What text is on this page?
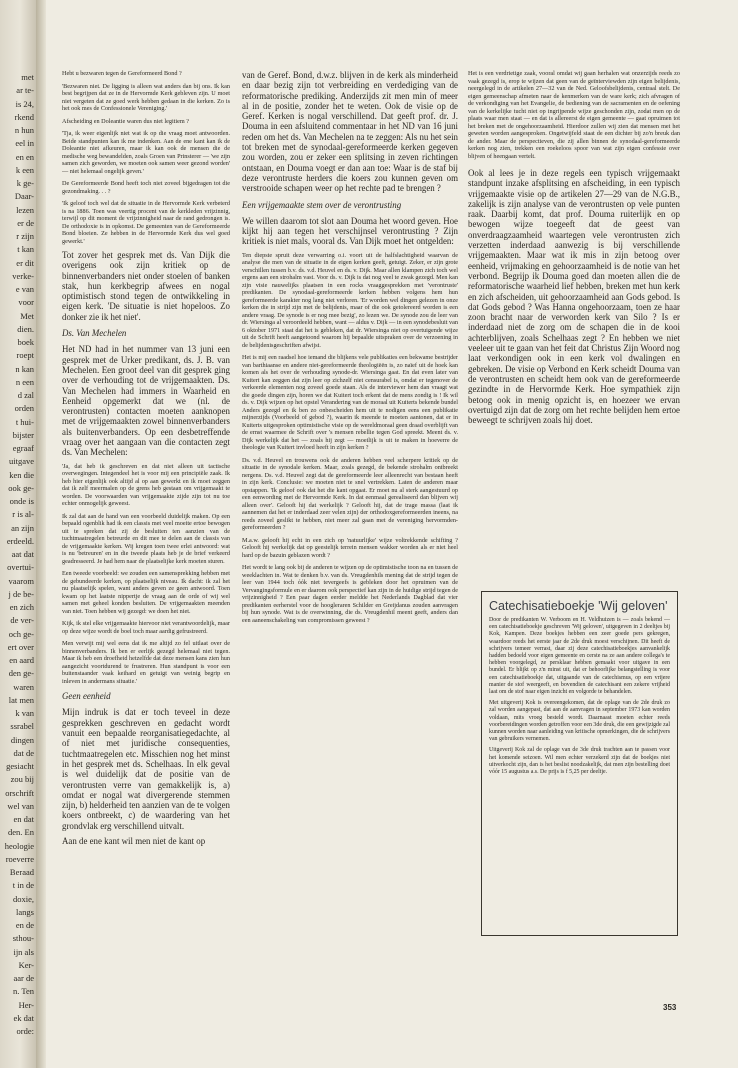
met
ar te-
is 24,
rkend
n hun
eel in
en en
k een
k ge-
Daar-
lezen
er de
r zijn
t kan
er dit
verke-
e van
voor
Met
dien.
boek
roept
n kan
n een
d zal
orden
t hui-
bijster
egraaf
uitgave
ken die
ook ge-
onde is
r is al-
an zijn
erdeeld.
aat dat
overtui-
vaarom
j de be-
en zich
de ver-
och ge-
ert over
en aard
den ge-
waren
lat men
k van
ssrabel
dingen
dat de
gesiacht
zou bij
orschrift
wel van
en dat
den. En
heologie
roeverre
Beraad
t in de
doxie,
langs
en de
sthou-
ijn als
Ker-
aar de
n. Ten
Her-
ek dat
orde:

Hebt u bezwaren tegen de Gereformeerd Bond ?

'Bezwaren niet. De ligging is alleen wat anders dan bij ons. Ik kan best begrijpen dat ze in de Hervormde Kerk gebleven zijn. U moet niet vergeten dat ze goed werk hebben gedaan in die kerken. Zo is het ook mes de Confessionele Vereniging.'

Afscheiding en Doleantie waren dus niet legitiem ?

'Tja, ik weer eigenlijk niet wat ik op die vraag moet antwoorden. Beide standpunten kan ik me indenken. Aan de ene kant kan ik de Doleantie niet afkeuren, maar ik kan ook de mensen die de medische weg bewandelden, zoals Groen van Prinsterer — 'we zijn samen zich geworden, we moeten ook samen weer gezond worden' — niet helemaal ongelijk geven.'

De Gereformeerde Bond heeft toch niet zoveel bijgedragen tot die gezondmaking. . . ?

'Ik geloof toch wel dat de situatie in de Hervormde Kerk verbeterd is na 1886. Toen was veertig procent van de kerkleden vrijzinnig, terwijl op dit moment de vrijzinnigheid naar de rand gedrongen is. De orthodoxie is in opkomst. De gemeenten van de Gereformeerde Bond bloeien. Ze hebben in de Hervormde Kerk dus wel goed gewerkt.'

Tot zover het gesprek met ds. Van Dijk die overigens ook zijn kritiek op de binnenverbanders niet onder stoelen of banken stak, hun kerkbegrip afwees en nogal optimistisch stond tegen de ontwikkeling in eigen kerk. 'De situatie is niet hopeloos. Zo donker zie ik het niet'.

Ds. Van Mechelen

Het ND had in het nummer van 13 juni een gesprek met de Urker predikant, ds. J. B. van Mechelen. Een groot deel van dit gesprek ging over de verhouding tot de vrijgemaakten. Ds. Van Mechelen had immers in Waarheid en Eenheid opgemerkt dat we (nl. de verontrusten) contacten moeten aanknopen met de vrijgemaakten zowel binnenverbanders als buitenverbanders. Op een desbetreffende vraag over het aangaan van die contacten zegt ds. Van Mechelen:

'Ja, dat heb ik geschreven en dat niet alleen uit tactische overwegingen. Integendeel het is voor mij een principiële zaak. Ik heb hier eigenlijk ook altijd al op aan gewerkt en ik moet zeggen dat ik zelf meermalen op de grens heb gestaan om vrijgemaakt te worden. De voorwaarden van vrijgemaakte zijde zijn tot nu toe echter onmogelijk geweest.

Ik zal dat aan de hand van een voorbeeld duidelijk maken. Op een bepaald ogenblik had ik een classis met veel moeite ertoe bewogen uit te spreken dat zij de besluiten ten aanzien van de tuchtmaatregelen betreurde en dit mee te delen aan de classis van de vrijgemaakte kerken. Wij kregen toen twee erlei antwoord: wat is nu 'betreuren' en in die tweede plaats heb je de brief verkeerd geadresseerd. Je had hem naar de plaatselijke kerk moeten sturen.

Een tweede voorbeeld: we zouden een samensprekking hebben met de gebundeerde kerken, op plaatselijk niveau. Ik dacht: ik zal het nu plaatselijk spelen, want anders geven ze geen antwoord. Toen kwam op het laatste nippertje de vraag aan de orde of wij wel samen met geheel konden besluiten. De vrijgemaakten meenden van niet. Toen hebben wij gezegd: we doen het niet.

Kijk, ik stel elke vrijgemaakte hiervoor niet verantwoordelijk, maar op deze wijze wordt de boel toch maar aardig gefrustreerd.

Men verwijt mij wel eens dat ik me altijd zo fel uitlaat over de binnenverbanders. Ik ben er eerlijk gezegd helemaal niet tegen. Maar ik heb een droefheid hetzelfde dat deze mensen kans zien hun aangezicht voortdurend te frustreren. Hun standpunt is voor een buitenstaander vaak keihard en getuigt van weinig begrip en inleven in andermans situatie.'

Geen eenheid

Mijn indruk is dat er toch teveel in deze gesprekken geschreven en gedacht wordt vanuit een bepaalde reorganisatiegedachte, al of niet met juridische consequenties, tuchtmaatregelen etc. Misschien nog het minst in het gesprek met ds. Schelhaas. In elk geval is wel duidelijk dat de positie van de verontrusten verre van gemakkelijk is, a) omdat er nogal wat divergerende stemmen zijn, b) helderheid ten aanzien van de te volgen koers ontbreekt, c) de waardering van het grondvlak erg verschillend uitvalt.

Aan de ene kant wil men niet de kant op

van de Geref. Bond, d.w.z. blijven in de kerk als minderheid en daar bezig zijn tot verbreiding en verdediging van de reformatorische prediking. Anderzijds zit men min of meer al in de positie, zonder het te weten. Ook de visie op de Geref. Kerken is nogal verschillend. Dat geeft prof. dr. J. Douma in een afsluitend commentaar in het ND van 16 juni reden om het ds. Van Mechelen na te zeggen: Als nu het sein tot breken met de synodaal-gereformeerde kerken gegeven zou worden, zou er zeker een splitsing in zeven richtingen ontstaan, en Douma voegt er dan aan toe: Waar is de staf bij deze verontruste herders die koers zou kunnen geven om verstrooide schapen weer op het rechte pad te brengen ?

Een vrijgemaakte stem over de verontrusting

We willen daarom tot slot aan Douma het woord geven. Hoe kijkt hij aan tegen het verschijnsel verontrusting ? Zijn kritiek is niet mals, vooral ds. Van Dijk moet het ontgelden:

Ten diepste spruit deze verwarring o.i. voort uit de halfslachtigheid waarvan de analyse die men van de situatie in de eigen kerken geeft, getuigt. Zeker, er zijn grote verschillen tussen b.v. ds. v.d. Heuvel en ds. v. Dijk. Maar allen klampen zich toch wel ergens aan een strohalm vast. Voor ds. v. Dijk is dat nog veel te zwak gezegd. Men kan zijn visie nauwelijks plaatsen in een rocks vraaggesprekken met 'verontruste' predikanten. De synodaal-gereformeerde kerken hebben volgens hem hun gereformeerde karakter nog lang niet verloren. 'Er worden wel dingen gelezen in onze kerken die in strijd zijn met de belijdenis, maar of die ook getolereerd worden is een andere vraag. De synode is er nog mee bezig', zo lezen we. De synode zou de leer van dr. Wiersinga al veroordeeld hebben, want — aldus v. Dijk — in een synodebesluit van 6 oktober 1971 staat dat het is gebleken, dat dr. Wiersinga niet op overtuigende wijze uit de Schrift heeft aangetoond waarom hij bepaalde uitspraken over de verzoening in de belijdenisgeschriften afwijst.

Het is mij een raadsel hoe iemand die blijkens vele publikaties een bekwame bestrijder van barthiaanse en andere niet-gereformeerde theologiëën is, zo naïef uit de hoek kan komen als het over de verhouding synode-dr. Wiersinga gaat. En dat even later van Kuitert kan zeggen dat zijn leer op zichzelf niet censurabel is, omdat er tegenover de verkeerde elementen nog zoveel goede staan. Als de interviewer hem dan vraagt wat die goede dingen zijn, horen we dat Kuitert toch erkent dat de mens zondig is ! Ik wil ds. v. Dijk wijzen op het opstel Verandering van de moraal uit Kuiterts bekende bundel Anders gezegd en ik ben zo onbescheiden hem uit te nodigen eens een publikatie mijnerzijds (Voorbeeld of gebod ?), waarin ik meende te moeten aantonen, dat er in Kuiterts uitgesproken optimistische visie op de wereldmoraal geen draad overblijft van de ernst waarmee de Schrift over 's mensen rebellie tegen God spreekt. Meent ds. v. Dijk werkelijk dat het — zoals hij zegt — moeilijk is uit te maken in hoeverre de theologie van Kuitert invloed heeft in zijn kerken ?

Ds. v.d. Heuvel en trouwens ook de anderen hebben veel scherpere kritiek op de situatie in de synodale kerken. Maar, zoals gezegd, de bekende strohalm ontbreekt nergens. Ds. v.d. Heuvel zegt dat de gereformeerde leer alleenrecht van bestaan heeft in zijn kerk. Conclusie: we moeten niet te snel vertrekken. Laten de anderen maar opstappen. 'Ik geloof ook dat het die kant opgaat. Er moet nu al sterk aangestuurd op een eenwording met de Hervormde Kerk. In dat eenmaal gerealiseerd dan blijven wij alleen over'. Gelooft hij dat werkelijk ? Gelooft hij, dat de trage massa (laat ik aannemen dat het er inderdaad zeer velen zijn) der orthodoxgereformeerden ineens, na reeds zoveel geslikt te hebben, niet meer zal gaan met de vereniging hervormden-gereformeerden ?

M.a.w. gelooft hij echt in een zich op 'natuurlijke' wijze voltrekkende schifting ? Gelooft hij werkelijk dat op geestelijk terrein mensen wakker worden als er niet heel hard op de bazuin geblazen wordt ?

Het wordt te lang ook bij de anderen te wijzen op de optimistische toon na en tussen de weeklachten in. Wat te denken b.v. van ds. Vreugdenhils mening dat de strijd tegen de leer van 1944 toch óók niet tevergeefs is gebleken door het opruimen van de Vervangingsformule en er daarom ook perspectief kan zijn in de huidige strijd tegen de vrijzinnigheid ? Een paar dagen eerder meldde het Nederlands Dagblad dat vier predikanten eerherstel voor de hoogleraren Schilder en Greijdanus zouden aanvragen bij hun synode. Wat is de overwinning, die ds. Vreugdenhil meent geeft, anders dan een aaneenschakeling van compromissen geweest ?

Het is een verdrietige zaak, vooral omdat wij gaan herhalen wat onzerzijds reeds zo vaak gezegd is, erop te wijzen dat geen van de geïnterviewden zijn eigen belijdenis, neergelegd in de artikelen 27—32 van de Ned. Geloofsbelijdenis, centraal stelt. De eigen gemeenschap afmeten naar de kenmerken van de ware kerk; zich afvragen of de verkondiging van het Evangelie, de bediening van de sacramenten en de oefening van de kerkelijke tucht niet op ingrijpende wijze geschonden zijn, zodat men op de plaats waar men staat — en dat is allereerst de eigen gemeente — gaat opruimen tot het breken met de ongehoorzaamheid. Hierdoor zullen wij zien dat mensen met het geweten worden aangesproken. Ongetwijfeld staat de een dichter bij zo'n breuk dan de ander. Maar de perspectieven, die zij allen binnen de synodaal-gereformeerde kerken nog zien, trekken een roekeloos spoor van wat zijn eigen confessie over blijven of heengaan vertelt.

Ook al lees je in deze regels een typisch vrijgemaakt standpunt inzake afsplitsing en afscheiding, in een typisch vrijgemaakte visie op de artikelen 27—29 van de N.G.B., zakelijk is zijn analyse van de verontrusten op vele punten raak. Daarbij komt, dat prof. Douma ruiterlijk en op bewogen wijze toegeeft dat de geest van onverdraagzaamheid waartegen vele verontrusten zich verzetten inderdaad aanwezig is bij verschillende vrijgemaakten. Maar wat ik mis in zijn betoog over eenheid, vrijmaking en gehoorzaamheid is de notie van het verbond. Begrijp ik Douma goed dan moeten allen die de reformatorische waarheid lief hebben, breken met hun kerk en zich afscheiden, uit gehoorzaamheid aan Gods gebod. Is dat Gods gebod ? Was Hanna ongehoorzaam, toen ze haar zoon bracht naar de verworden kerk van Silo ? Is er inderdaad niet de zorg om de schapen die in de kooi achterblijven, zoals Schelhaas zegt ? En hebben we niet veeleer uit te gaan van het feit dat Christus Zijn Woord nog laat verkondigen ook in een kerk vol dwalingen en gebreken. De visie op Verbond en Kerk scheidt Douma van de verontrusten en scheidt hem ook van de gereformeerde gezindte in de Hervormde Kerk. Hoe sympathiek zijn betoog ook in menig opzicht is, en hoezeer we ervan overtuigd zijn dat de zorg om het rechte belijden hem ertoe beweegt te schrijven zoals hij doet.

Catechisatieboekje 'Wij geloven'

Door de predikanten W. Verboom en H. Veldhuizen is — zoals bekend — een catechisatieboekje geschreven 'Wij geloven', uitgegeven in 2 deeltjes bij Kok, Kampen. Deze boekjes hebben een zeer goede pers gekregen, waardoor reeds het eerste jaar de 2de druk moest verschijnen. Dit heeft de schrijvers temeer verrast, daar zij deze catechisatieboekjes aanvankelijk hadden bedoeld voor eigen gemeente en cerste na ze aan andere collega's te hebben voorgelegd, ze persklaar hebben gemaakt voor uitgave in een bundel. Er blijkt op z'n minst uit, dat er behoorlijke belangstelling is voor een catechisatieboekje dat, uitgaande van de catechismus, op een vrijere manier de stof weergeeft, en bovendien de catechisant een zekere vrijheid laat om de stof naar eigen inzicht en volgorde te behandelen.

Met uitgeverij Kok is overeengekomen, dat de oplage van de 2de druk zo zal worden aangepast, dat aan de aanvragen in september 1973 kan worden voldaan, mits vroeg besteld wordt. Daarnaast moeten echter reeds voorbereidingen worden getroffen voor een 3de druk, die een gewijzigde zal kunnen worden naar aanleiding van kritische opmerkingen, die de schrijvers van gebruikers vernemen.

Uitgeverij Kok zal de oplage van de 3de druk trachten aan te passen voor het komende seizoen. Wil men echter verzekerd zijn dat de boekjes niet uitverkocht zijn, dan is het beslist noodzakelijk, dat men zijn bestelling doet vóór 15 augustus a.s. De prijs is f 5,25 per deeltje.

353
